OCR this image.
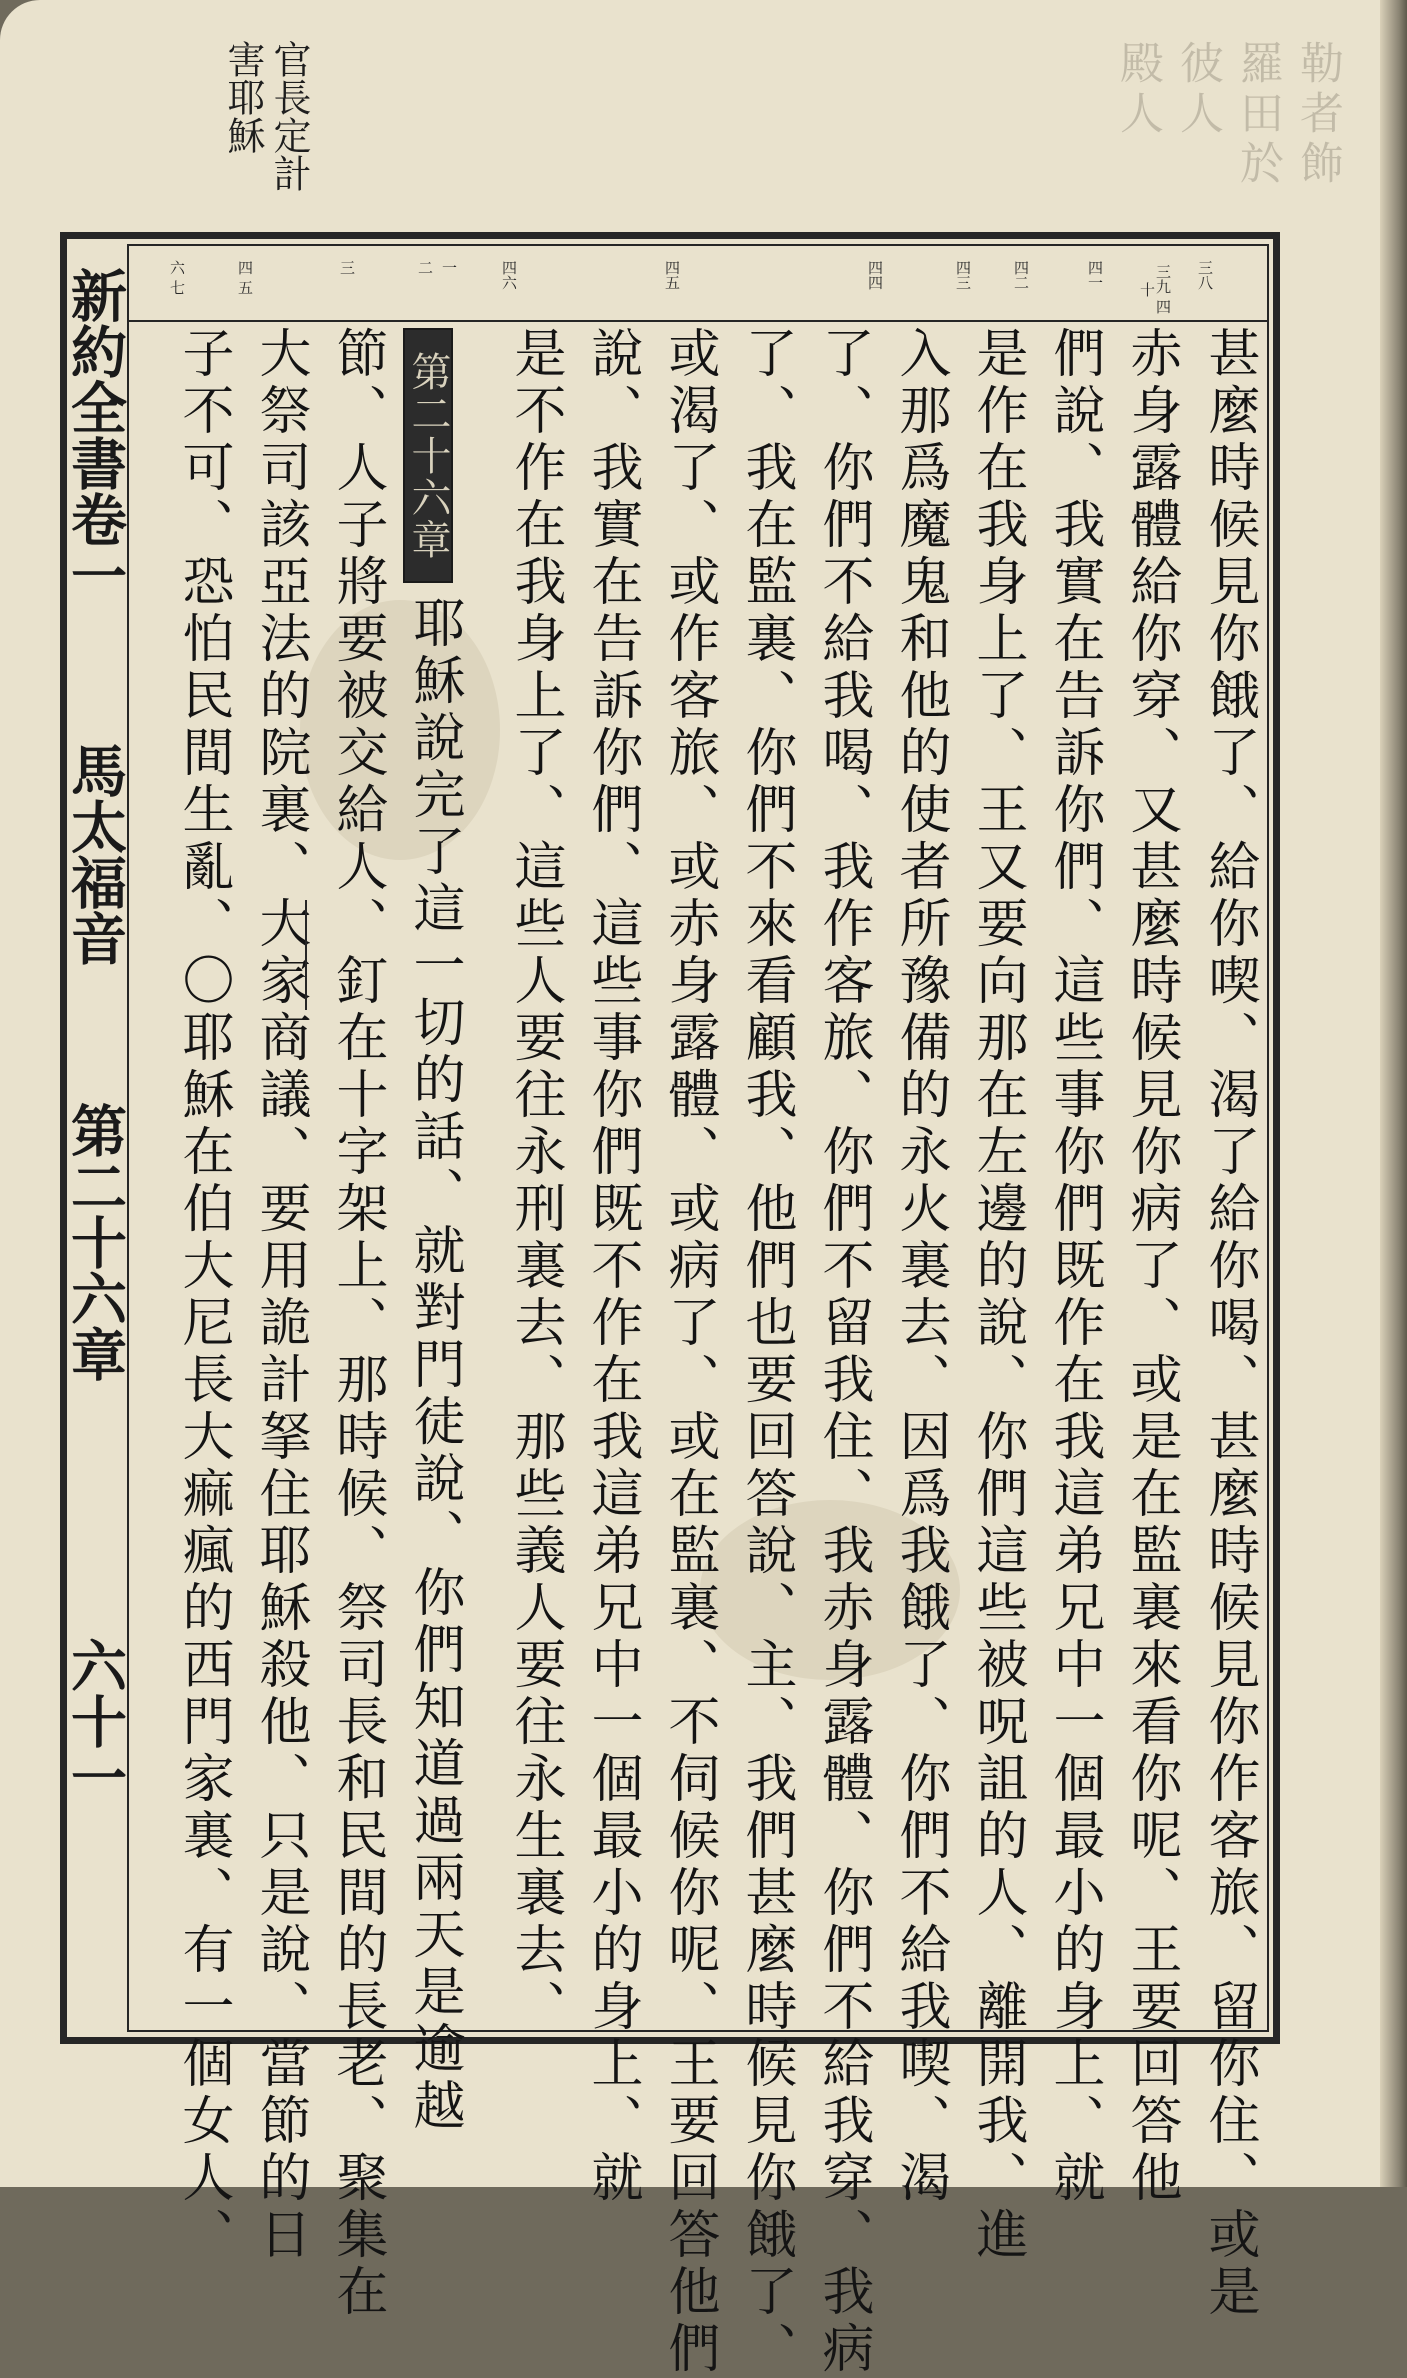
勒者飾
羅田於
彼人
殿人
官長定計
害耶穌
新約全書卷一
馬太福音
第二十六章
六十一
三八
三九 四十
四一
四二
四三
四四
四五
四六
一
二
三
四 五
六 七
甚麼時候見你餓了、給你喫、渴了給你喝、甚麼時候見你作客旅、留你住、或是
赤身露體給你穿、又甚麼時候見你病了、或是在監裏來看你呢、王要回答他
們說、我實在告訴你們、這些事你們既作在我這弟兄中一個最小的身上、就
是作在我身上了、王又要向那在左邊的說、你們這些被呪詛的人、離開我、進
入那爲魔鬼和他的使者所豫備的永火裏去、因爲我餓了、你們不給我喫、渴
了、你們不給我喝、我作客旅、你們不留我住、我赤身露體、你們不給我穿、我病
了、我在監裏、你們不來看顧我、他們也要回答說、主、我們甚麼時候見你餓了、
或渴了、或作客旅、或赤身露體、或病了、或在監裏、不伺候你呢、王要回答他們
說、我實在告訴你們、這些事你們既不作在我這弟兄中一個最小的身上、就
是不作在我身上了、這些人要往永刑裏去、那些義人要往永生裏去、
耶穌說完了這一切的話、就對門徒說、你們知道過兩天是逾越
節、人子將要被交給人、釘在十字架上、那時候、祭司長和民間的長老、聚集在
大祭司該亞法的院裏、大家商議、要用詭計拏住耶穌殺他、只是說、當節的日
子不可、恐怕民間生亂、〇耶穌在伯大尼長大痲瘋的西門家裏、有一個女人、	第二十六章
